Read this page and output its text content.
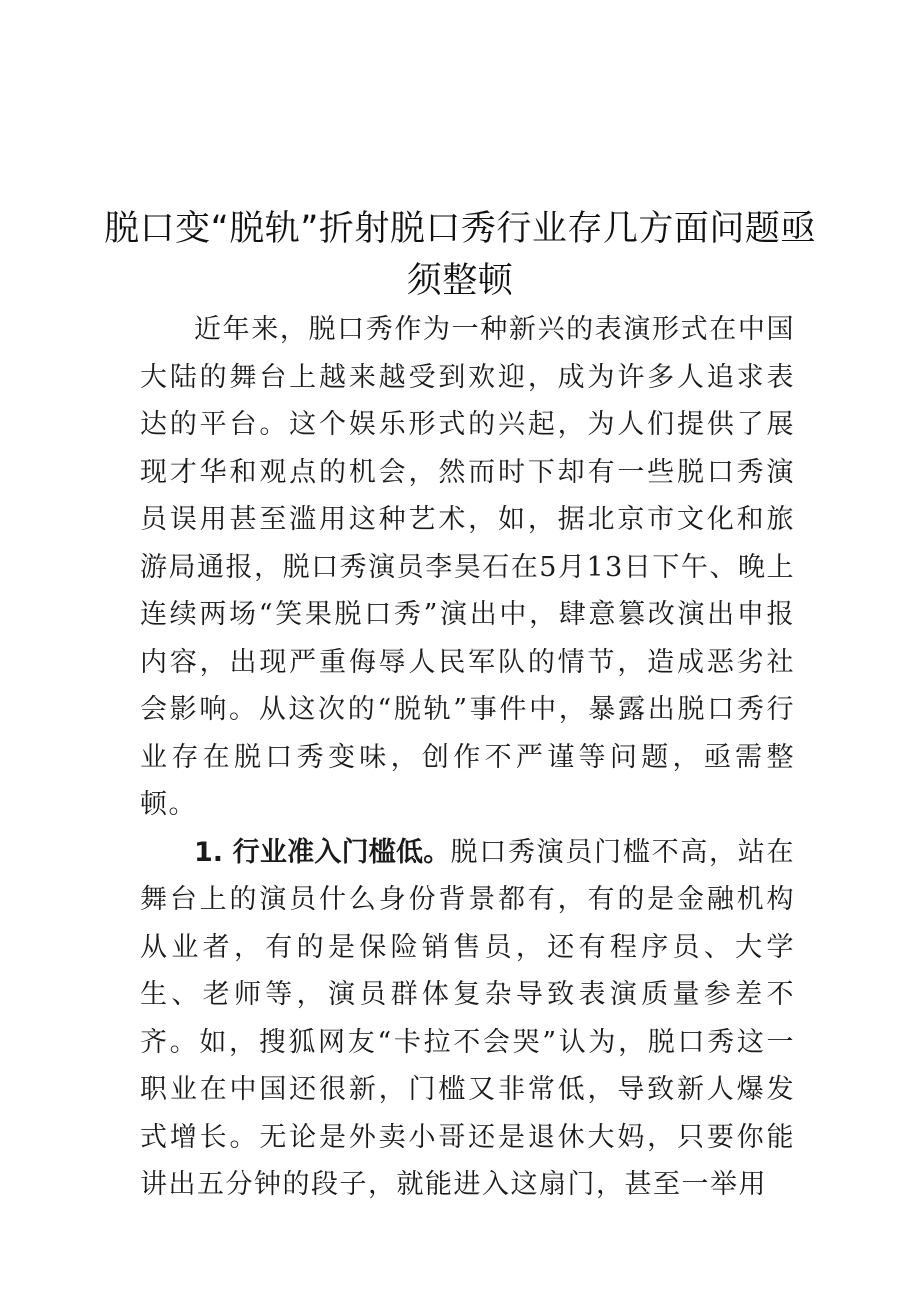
脱口变“脱轨”折射脱口秀行业存几方面问题亟须整顿

近年来，脱口秀作为一种新兴的表演形式在中国大陆的舞台上越来越受到欢迎，成为许多人追求表达的平台。这个娱乐形式的兴起，为人们提供了展现才华和观点的机会，然而时下却有一些脱口秀演员误用甚至滥用这种艺术，如，据北京市文化和旅游局通报，脱口秀演员李昊石在5月13日下午、晚上连续两场“笑果脱口秀”演出中，肆意篡改演出申报内容，出现严重侮辱人民军队的情节，造成恶劣社会影响。从这次的“脱轨”事件中，暴露出脱口秀行业存在脱口秀变味，创作不严谨等问题，亟需整顿。

1. 行业准入门槛低。脱口秀演员门槛不高，站在舞台上的演员什么身份背景都有，有的是金融机构从业者，有的是保险销售员，还有程序员、大学生、老师等，演员群体复杂导致表演质量参差不齐。如，搜狐网友“卡拉不会哭”认为，脱口秀这一职业在中国还很新，门槛又非常低，导致新人爆发式增长。无论是外卖小哥还是退休大妈，只要你能讲出五分钟的段子，就能进入这扇门，甚至一举用
